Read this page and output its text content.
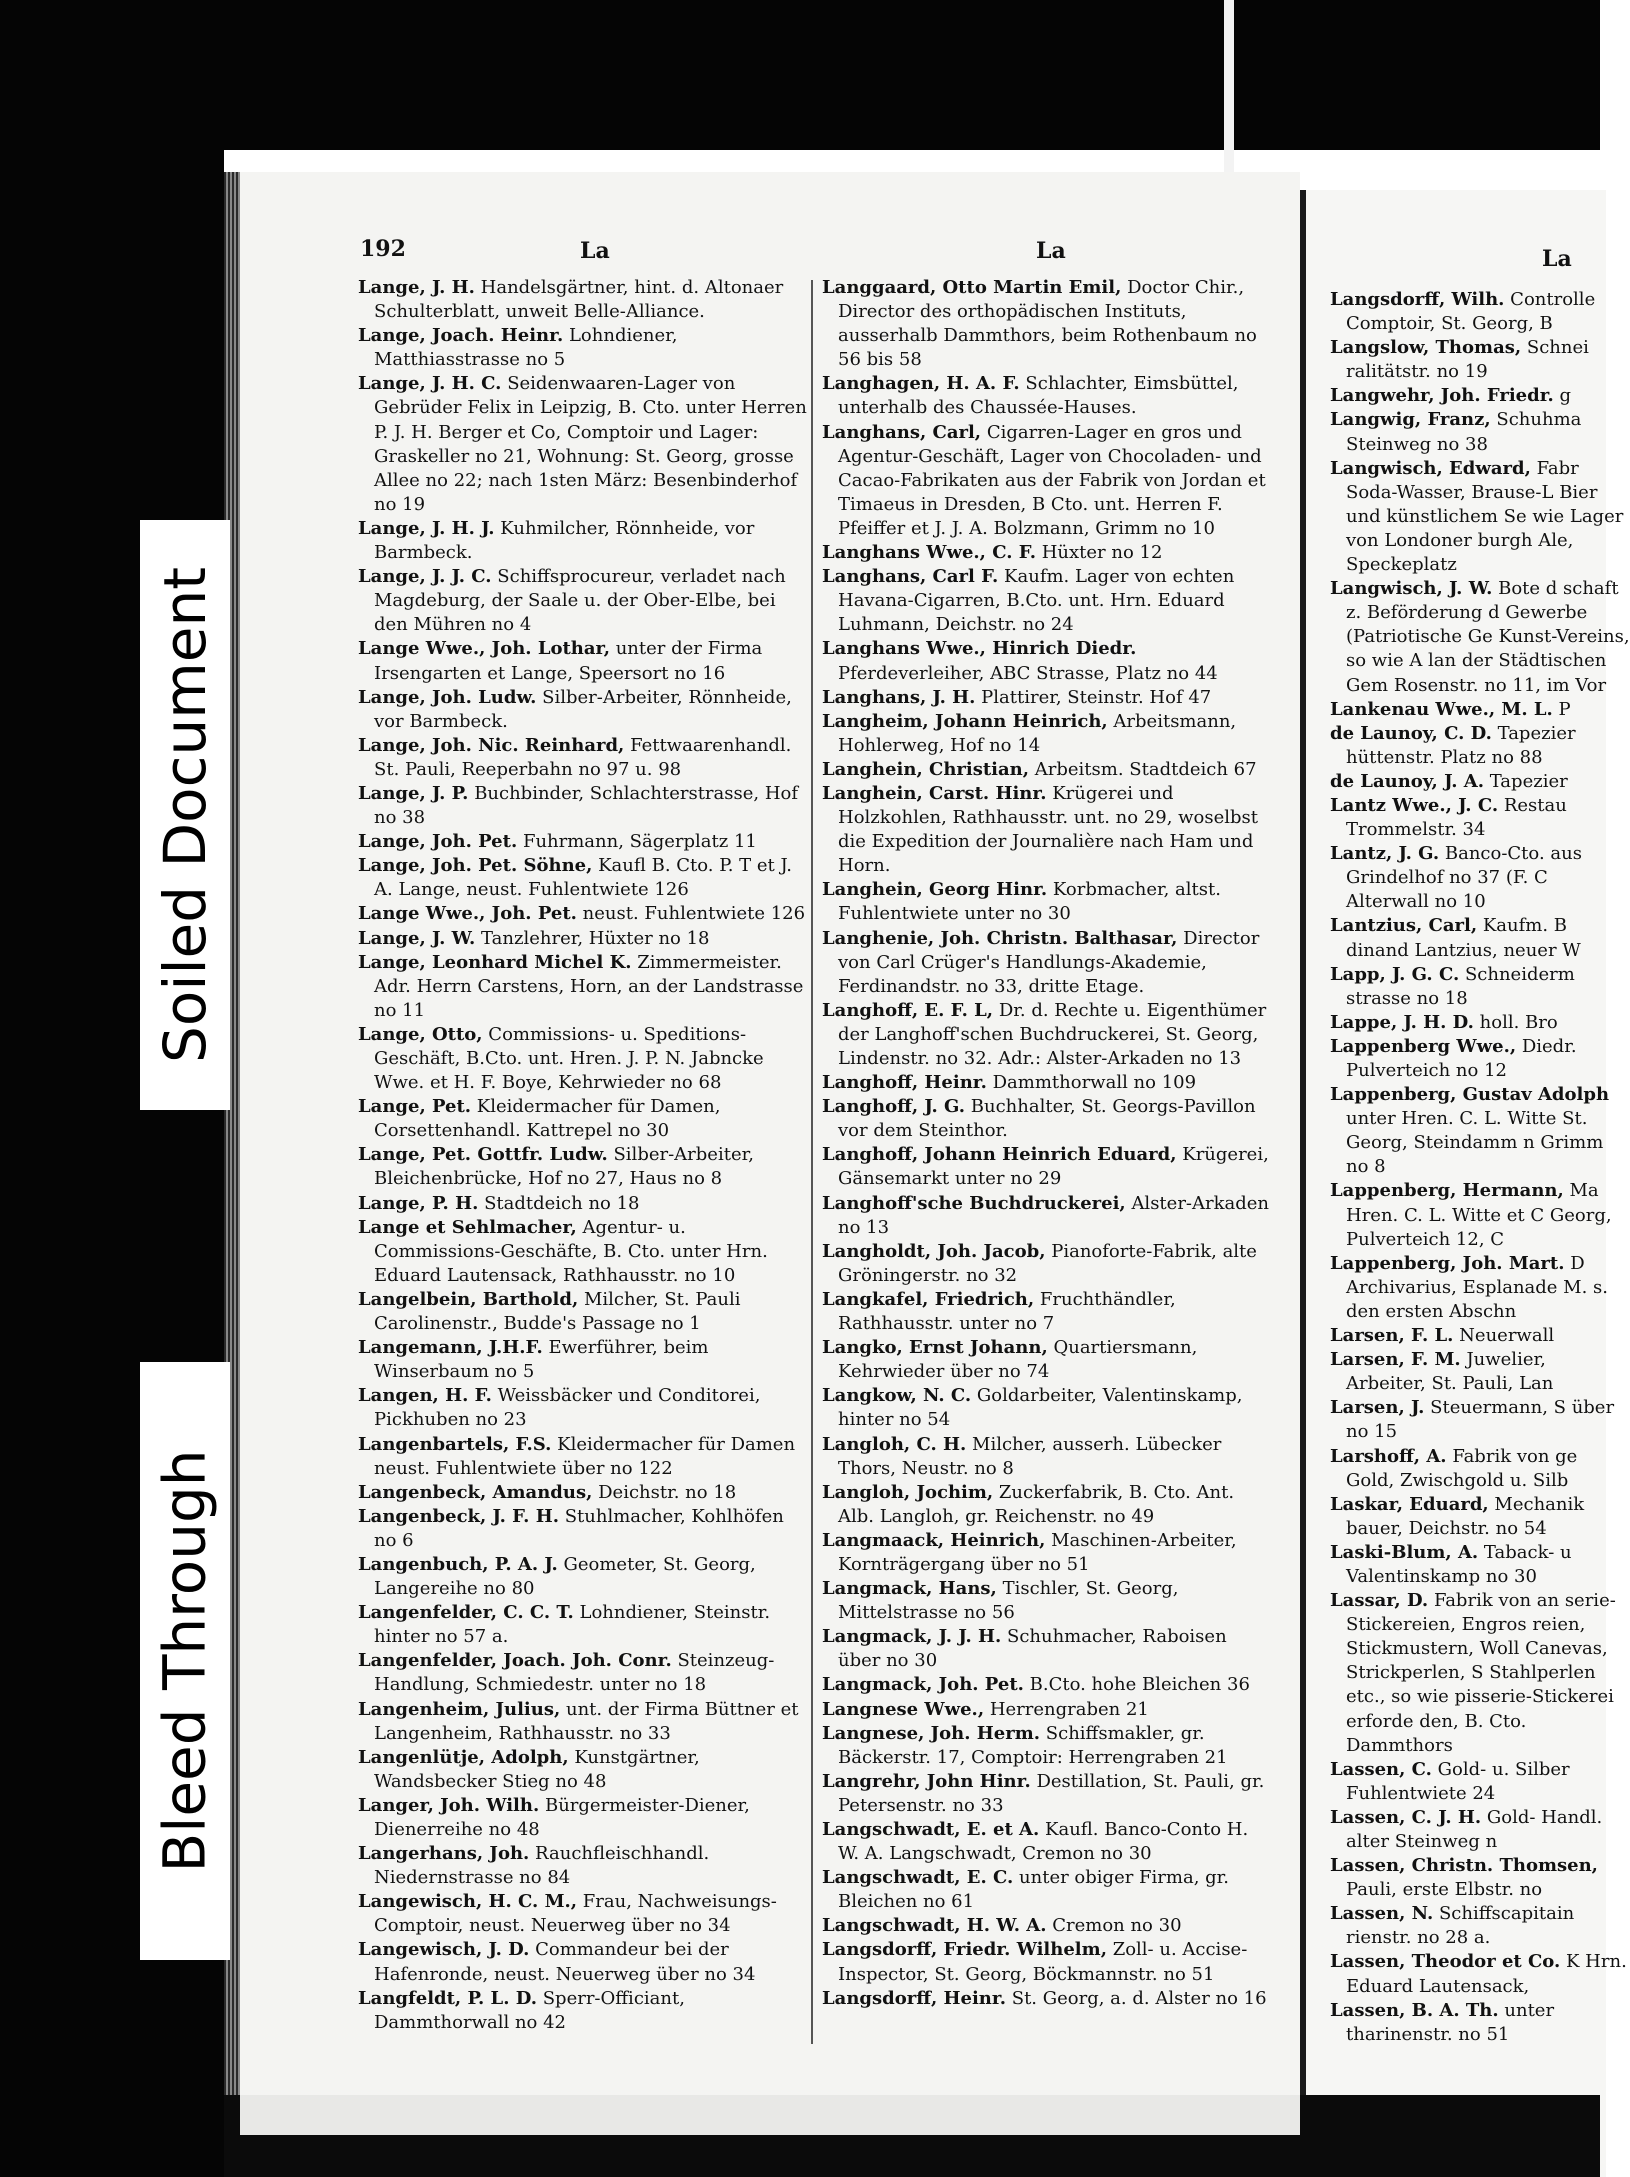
Soiled Document
Bleed Through
192	La	La	La

Lange, J. H. Handelsgärtner, hint. d. Altonaer Schulterblatt, unweit Belle-Alliance.

Lange, Joach. Heinr. Lohndiener, Matthiasstrasse no 5

Lange, J. H. C. Seidenwaaren-Lager von Gebrüder Felix in Leipzig, B. Cto. unter Herren P. J. H. Berger et Co, Comptoir und Lager: Graskeller no 21, Wohnung: St. Georg, grosse Allee no 22; nach 1sten März: Besenbinderhof no 19

Lange, J. H. J. Kuhmilcher, Rönnheide, vor Barmbeck.

Lange, J. J. C. Schiffsprocureur, verladet nach Magdeburg, der Saale u. der Ober-Elbe, bei den Mühren no 4

Lange Wwe., Joh. Lothar, unter der Firma Irsengarten et Lange, Speersort no 16

Lange, Joh. Ludw. Silber-Arbeiter, Rönnheide, vor Barmbeck.

Lange, Joh. Nic. Reinhard, Fettwaarenhandl. St. Pauli, Reeperbahn no 97 u. 98

Lange, J. P. Buchbinder, Schlachterstrasse, Hof no 38

Lange, Joh. Pet. Fuhrmann, Sägerplatz 11

Lange, Joh. Pet. Söhne, Kaufl B. Cto. P. T et J. A. Lange, neust. Fuhlentwiete 126

Lange Wwe., Joh. Pet. neust. Fuhlentwiete 126

Lange, J. W. Tanzlehrer, Hüxter no 18

Lange, Leonhard Michel K. Zimmermeister. Adr. Herrn Carstens, Horn, an der Landstrasse no 11

Lange, Otto, Commissions- u. Speditions-Geschäft, B.Cto. unt. Hren. J. P. N. Jabncke Wwe. et H. F. Boye, Kehrwieder no 68

Lange, Pet. Kleidermacher für Damen, Corsettenhandl. Kattrepel no 30

Lange, Pet. Gottfr. Ludw. Silber-Arbeiter, Bleichenbrücke, Hof no 27, Haus no 8

Lange, P. H. Stadtdeich no 18

Lange et Sehlmacher, Agentur- u. Commissions-Geschäfte, B. Cto. unter Hrn. Eduard Lautensack, Rathhausstr. no 10

Langelbein, Barthold, Milcher, St. Pauli Carolinenstr., Budde's Passage no 1

Langemann, J.H.F. Ewerführer, beim Winserbaum no 5

Langen, H. F. Weissbäcker und Conditorei, Pickhuben no 23

Langenbartels, F.S. Kleidermacher für Damen neust. Fuhlentwiete über no 122

Langenbeck, Amandus, Deichstr. no 18

Langenbeck, J. F. H. Stuhlmacher, Kohlhöfen no 6

Langenbuch, P. A. J. Geometer, St. Georg, Langereihe no 80

Langenfelder, C. C. T. Lohndiener, Steinstr. hinter no 57 a.

Langenfelder, Joach. Joh. Conr. Steinzeug-Handlung, Schmiedestr. unter no 18

Langenheim, Julius, unt. der Firma Büttner et Langenheim, Rathhausstr. no 33

Langenlütje, Adolph, Kunstgärtner, Wandsbecker Stieg no 48

Langer, Joh. Wilh. Bürgermeister-Diener, Dienerreihe no 48

Langerhans, Joh. Rauchfleischhandl. Niedernstrasse no 84

Langewisch, H. C. M., Frau, Nachweisungs-Comptoir, neust. Neuerweg über no 34

Langewisch, J. D. Commandeur bei der Hafenronde, neust. Neuerweg über no 34

Langfeldt, P. L. D. Sperr-Officiant, Dammthorwall no 42

Langgaard, Otto Martin Emil, Doctor Chir., Director des orthopädischen Instituts, ausserhalb Dammthors, beim Rothenbaum no 56 bis 58

Langhagen, H. A. F. Schlachter, Eimsbüttel, unterhalb des Chaussée-Hauses.

Langhans, Carl, Cigarren-Lager en gros und Agentur-Geschäft, Lager von Chocoladen- und Cacao-Fabrikaten aus der Fabrik von Jordan et Timaeus in Dresden, B Cto. unt. Herren F. Pfeiffer et J. J. A. Bolzmann, Grimm no 10

Langhans Wwe., C. F. Hüxter no 12

Langhans, Carl F. Kaufm. Lager von echten Havana-Cigarren, B.Cto. unt. Hrn. Eduard Luhmann, Deichstr. no 24

Langhans Wwe., Hinrich Diedr. Pferdeverleiher, ABC Strasse, Platz no 44

Langhans, J. H. Plattirer, Steinstr. Hof 47

Langheim, Johann Heinrich, Arbeitsmann, Hohlerweg, Hof no 14

Langhein, Christian, Arbeitsm. Stadtdeich 67

Langhein, Carst. Hinr. Krügerei und Holzkohlen, Rathhausstr. unt. no 29, woselbst die Expedition der Journalière nach Ham und Horn.

Langhein, Georg Hinr. Korbmacher, altst. Fuhlentwiete unter no 30

Langhenie, Joh. Christn. Balthasar, Director von Carl Crüger's Handlungs-Akademie, Ferdinandstr. no 33, dritte Etage.

Langhoff, E. F. L, Dr. d. Rechte u. Eigenthümer der Langhoff'schen Buchdruckerei, St. Georg, Lindenstr. no 32. Adr.: Alster-Arkaden no 13

Langhoff, Heinr. Dammthorwall no 109

Langhoff, J. G. Buchhalter, St. Georgs-Pavillon vor dem Steinthor.

Langhoff, Johann Heinrich Eduard, Krügerei, Gänsemarkt unter no 29

Langhoff'sche Buchdruckerei, Alster-Arkaden no 13

Langholdt, Joh. Jacob, Pianoforte-Fabrik, alte Gröningerstr. no 32

Langkafel, Friedrich, Fruchthändler, Rathhausstr. unter no 7

Langko, Ernst Johann, Quartiersmann, Kehrwieder über no 74

Langkow, N. C. Goldarbeiter, Valentinskamp, hinter no 54

Langloh, C. H. Milcher, ausserh. Lübecker Thors, Neustr. no 8

Langloh, Jochim, Zuckerfabrik, B. Cto. Ant. Alb. Langloh, gr. Reichenstr. no 49

Langmaack, Heinrich, Maschinen-Arbeiter, Kornträgergang über no 51

Langmack, Hans, Tischler, St. Georg, Mittelstrasse no 56

Langmack, J. J. H. Schuhmacher, Raboisen über no 30

Langmack, Joh. Pet. B.Cto. hohe Bleichen 36

Langnese Wwe., Herrengraben 21

Langnese, Joh. Herm. Schiffsmakler, gr. Bäckerstr. 17, Comptoir: Herrengraben 21

Langrehr, John Hinr. Destillation, St. Pauli, gr. Petersenstr. no 33

Langschwadt, E. et A. Kaufl. Banco-Conto H. W. A. Langschwadt, Cremon no 30

Langschwadt, E. C. unter obiger Firma, gr. Bleichen no 61

Langschwadt, H. W. A. Cremon no 30

Langsdorff, Friedr. Wilhelm, Zoll- u. Accise-Inspector, St. Georg, Böckmannstr. no 51

Langsdorff, Heinr. St. Georg, a. d. Alster no 16

Langsdorff, Wilh. Controlle Comptoir, St. Georg, B

Langslow, Thomas, Schnei ralitätstr. no 19

Langwehr, Joh. Friedr. g

Langwig, Franz, Schuhma Steinweg no 38

Langwisch, Edward, Fabr Soda-Wasser, Brause-L Bier und künstlichem Se wie Lager von Londoner burgh Ale, Speckeplatz

Langwisch, J. W. Bote d schaft z. Beförderung d Gewerbe (Patriotische Ge Kunst-Vereins, so wie A lan der Städtischen Gem Rosenstr. no 11, im Vor

Lankenau Wwe., M. L. P

de Launoy, C. D. Tapezier hüttenstr. Platz no 88

de Launoy, J. A. Tapezier

Lantz Wwe., J. C. Restau Trommelstr. 34

Lantz, J. G. Banco-Cto. aus Grindelhof no 37 (F. C Alterwall no 10

Lantzius, Carl, Kaufm. B dinand Lantzius, neuer W

Lapp, J. G. C. Schneiderm strasse no 18

Lappe, J. H. D. holl. Bro

Lappenberg Wwe., Diedr. Pulverteich no 12

Lappenberg, Gustav Adolph unter Hren. C. L. Witte St. Georg, Steindamm n Grimm no 8

Lappenberg, Hermann, Ma Hren. C. L. Witte et C Georg, Pulverteich 12, C

Lappenberg, Joh. Mart. D Archivarius, Esplanade M. s. den ersten Abschn

Larsen, F. L. Neuerwall

Larsen, F. M. Juwelier, Arbeiter, St. Pauli, Lan

Larsen, J. Steuermann, S über no 15

Larshoff, A. Fabrik von ge Gold, Zwischgold u. Silb

Laskar, Eduard, Mechanik bauer, Deichstr. no 54

Laski-Blum, A. Taback- u Valentinskamp no 30

Lassar, D. Fabrik von an serie-Stickereien, Engros reien, Stickmustern, Woll Canevas, Strickperlen, S Stahlperlen etc., so wie pisserie-Stickerei erforde den, B. Cto. Dammthors

Lassen, C. Gold- u. Silber Fuhlentwiete 24

Lassen, C. J. H. Gold- Handl. alter Steinweg n

Lassen, Christn. Thomsen, Pauli, erste Elbstr. no

Lassen, N. Schiffscapitain rienstr. no 28 a.

Lassen, Theodor et Co. K Hrn. Eduard Lautensack,

Lassen, B. A. Th. unter tharinenstr. no 51
